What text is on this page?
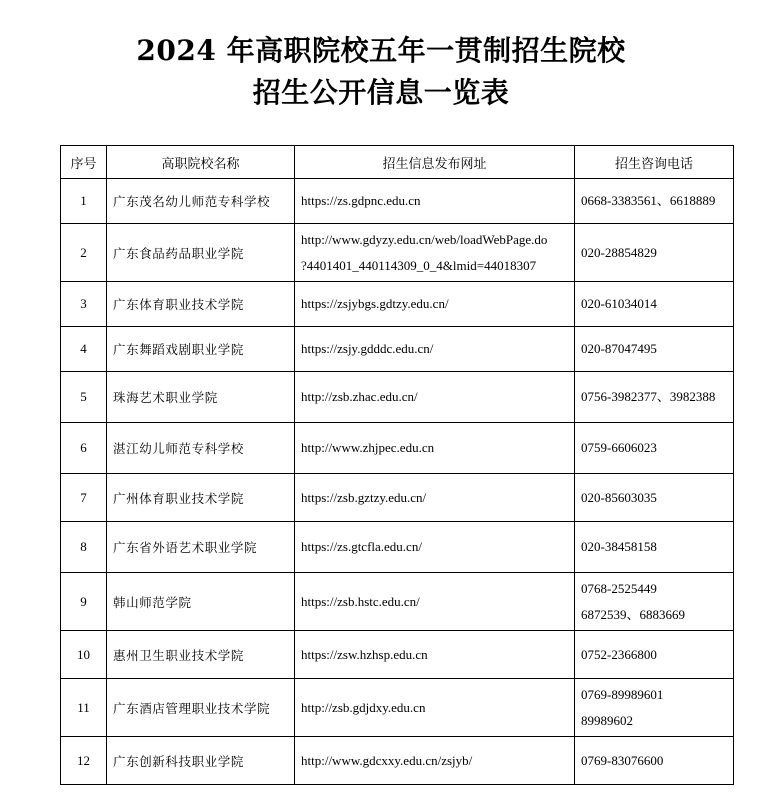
2024 年高职院校五年一贯制招生院校
招生公开信息一览表
序号	高职院校名称	招生信息发布网址	招生咨询电话
1	广东茂名幼儿师范专科学校	https://zs.gdpnc.edu.cn	0668-3383561、6618889

2	广东食品药品职业学院	http://www.gdyzy.edu.cn/web/loadWebPage.do
?4401401_440114309_0_4&lmid=44018307	020-28854829

3	广东体育职业技术学院	https://zsjybgs.gdtzy.edu.cn/	020-61034014

4	广东舞蹈戏剧职业学院	https://zsjy.gdddc.edu.cn/	020-87047495

5	珠海艺术职业学院	http://zsb.zhac.edu.cn/	0756-3982377、3982388

6	湛江幼儿师范专科学校	http://www.zhjpec.edu.cn	0759-6606023

7	广州体育职业技术学院	https://zsb.gztzy.edu.cn/	020-85603035

8	广东省外语艺术职业学院	https://zs.gtcfla.edu.cn/	020-38458158

9	韩山师范学院	https://zsb.hstc.edu.cn/	0768-2525449
6872539、6883669

10	惠州卫生职业技术学院	https://zsw.hzhsp.edu.cn	0752-2366800

11	广东酒店管理职业技术学院	http://zsb.gdjdxy.edu.cn	0769-89989601
89989602

12	广东创新科技职业学院	http://www.gdcxxy.edu.cn/zsjyb/	0769-83076600
